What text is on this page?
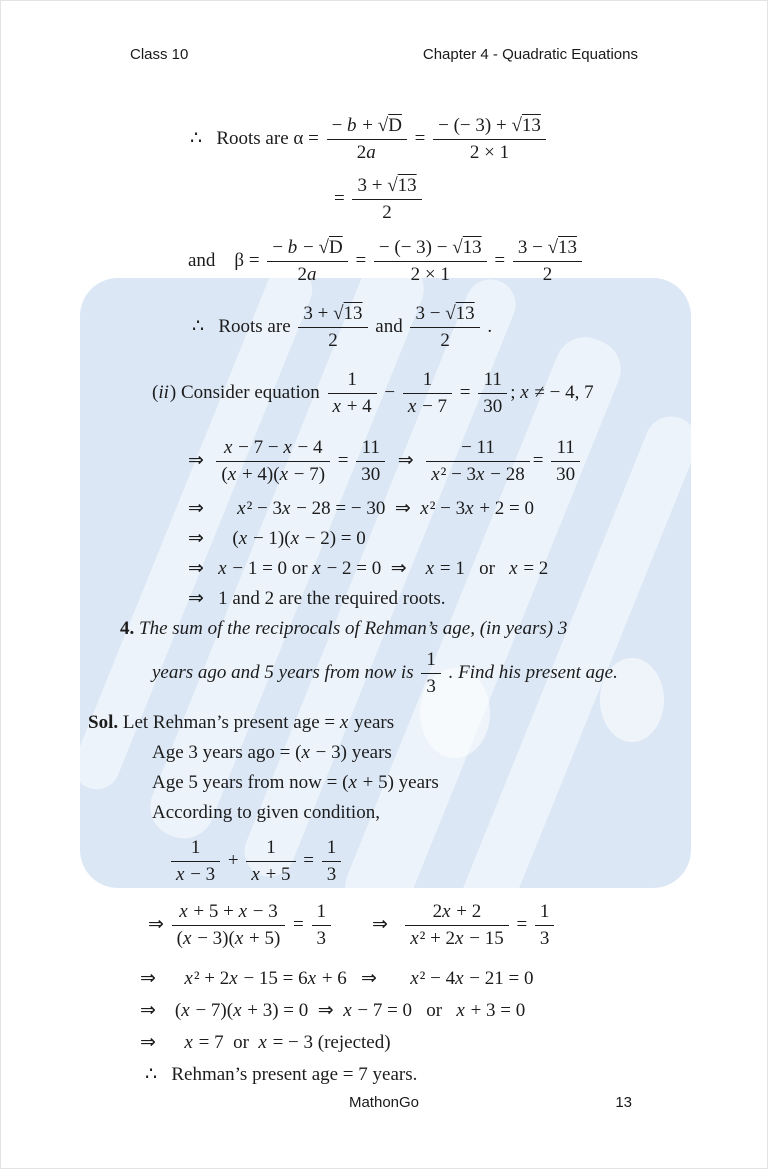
Class 10	Chapter 4 - Quadratic Equations
∴   Roots are $\alpha = \frac{- b + √D}{2a} = \frac{- (- 3) + √13}{2 \times 1}$
= $\frac{3 + √13}{2}$
and    $\beta = \frac{- b - √D}{2a} = \frac{- (- 3) - √13}{2 \times 1} = \frac{3 - √13}{2}$
∴   Roots are $\frac{3 + √13}{2}$ and $\frac{3 - √13}{2}$ .
(ii) Consider equation $\frac{1}{x + 4} - \frac{1}{x - 7} = \frac{11}{30}$ ; x ≠ − 4, 7
⇒ $\frac{x - 7 - x - 4}{(x + 4)(x - 7)} = \frac{11}{30}$ ⇒ $\frac{- 11}{\text{x² − 3x − 28}} = \frac{11}{30}$
⇒       x² − 3x − 28 = − 30  ⇒  x² − 3x + 2 = 0
⇒      (x − 1)(x − 2) = 0
⇒   x − 1 = 0 or x − 2 = 0  ⇒    x = 1   or   x = 2
⇒   1 and 2 are the required roots.
4. The sum of the reciprocals of Rehman’s age, (in years) 3
years ago and 5 years from now is $\frac{1}{3}$ . Find his present age.
Sol. Let Rehman’s present age = x years
Age 3 years ago = (x − 3) years
Age 5 years from now = (x + 5) years
According to given condition,
$\frac{1}{x - 3} + \frac{1}{x + 5} = \frac{1}{3}$
⇒ $\frac{x + 5 + x - 3}{(x - 3)(x + 5)} = \frac{1}{3}$ ⇒ $\frac{2x + 2}{\text{x² + 2x − 15}} = \frac{1}{3}$
⇒      x² + 2x − 15 = 6x + 6   ⇒       x² − 4x − 21 = 0
⇒    (x − 7)(x + 3) = 0  ⇒  x − 7 = 0   or   x + 3 = 0
⇒      x = 7  or  x = − 3 (rejected)
∴   Rehman’s present age = 7 years.
MathonGo	13
